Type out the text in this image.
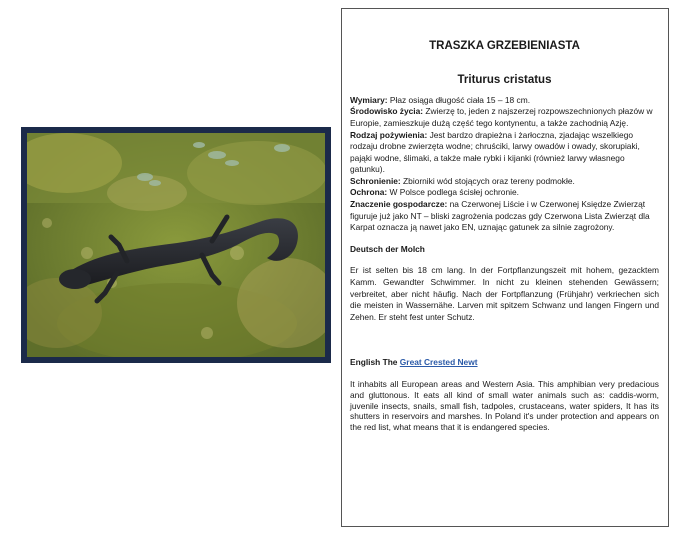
TRASZKA GRZEBIENIASTA
Triturus cristatus

Wymiary: Płaz osiąga długość ciała 15 – 18 cm.

Środowisko życia: Zwierzę to, jeden z najszerzej rozpowszechnionych płazów w Europie, zamieszkuje dużą część tego kontynentu, a także zachodnią Azję.

Rodzaj pożywienia: Jest bardzo drapieżna i żarłoczna, zjadając wszelkiego rodzaju drobne zwierzęta wodne; chruściki, larwy owadów i owady, skorupiaki, pająki wodne, ślimaki, a także małe rybki i kijanki (również larwy własnego gatunku).

Schronienie: Zbiorniki wód stojących oraz tereny podmokłe.

Ochrona: W Polsce podlega ścisłej ochronie.

Znaczenie gospodarcze: na Czerwonej Liście i w Czerwonej Księdze Zwierząt figuruje już jako NT – bliski zagrożenia podczas gdy Czerwona Lista Zwierząt dla Karpat oznacza ją nawet jako EN, uznając gatunek za silnie zagrożony.

Deutsch der Molch

Er ist selten bis 18 cm lang. In der Fortpflanzungszeit mit hohem, gezacktem Kamm. Gewandter Schwimmer. In nicht zu kleinen stehenden Gewässern; verbreitet, aber nicht häufig. Nach der Fortpflanzung (Frühjahr) verkriechen sich die meisten in Wassernähe. Larven mit spitzem Schwanz und langen Fingern und Zehen. Er steht fest unter Schutz.

English The Great Crested Newt

It inhabits all European areas and Western Asia. This amphibian very predacious and gluttonous. It eats all kind of small water animals such as: caddis-worm, juvenile insects, snails, small fish, tadpoles, crustaceans, water spiders, It has its shutters in reservoirs and marshes. In Poland it's under protection and appears on the red list, what means that it is endangered species.
